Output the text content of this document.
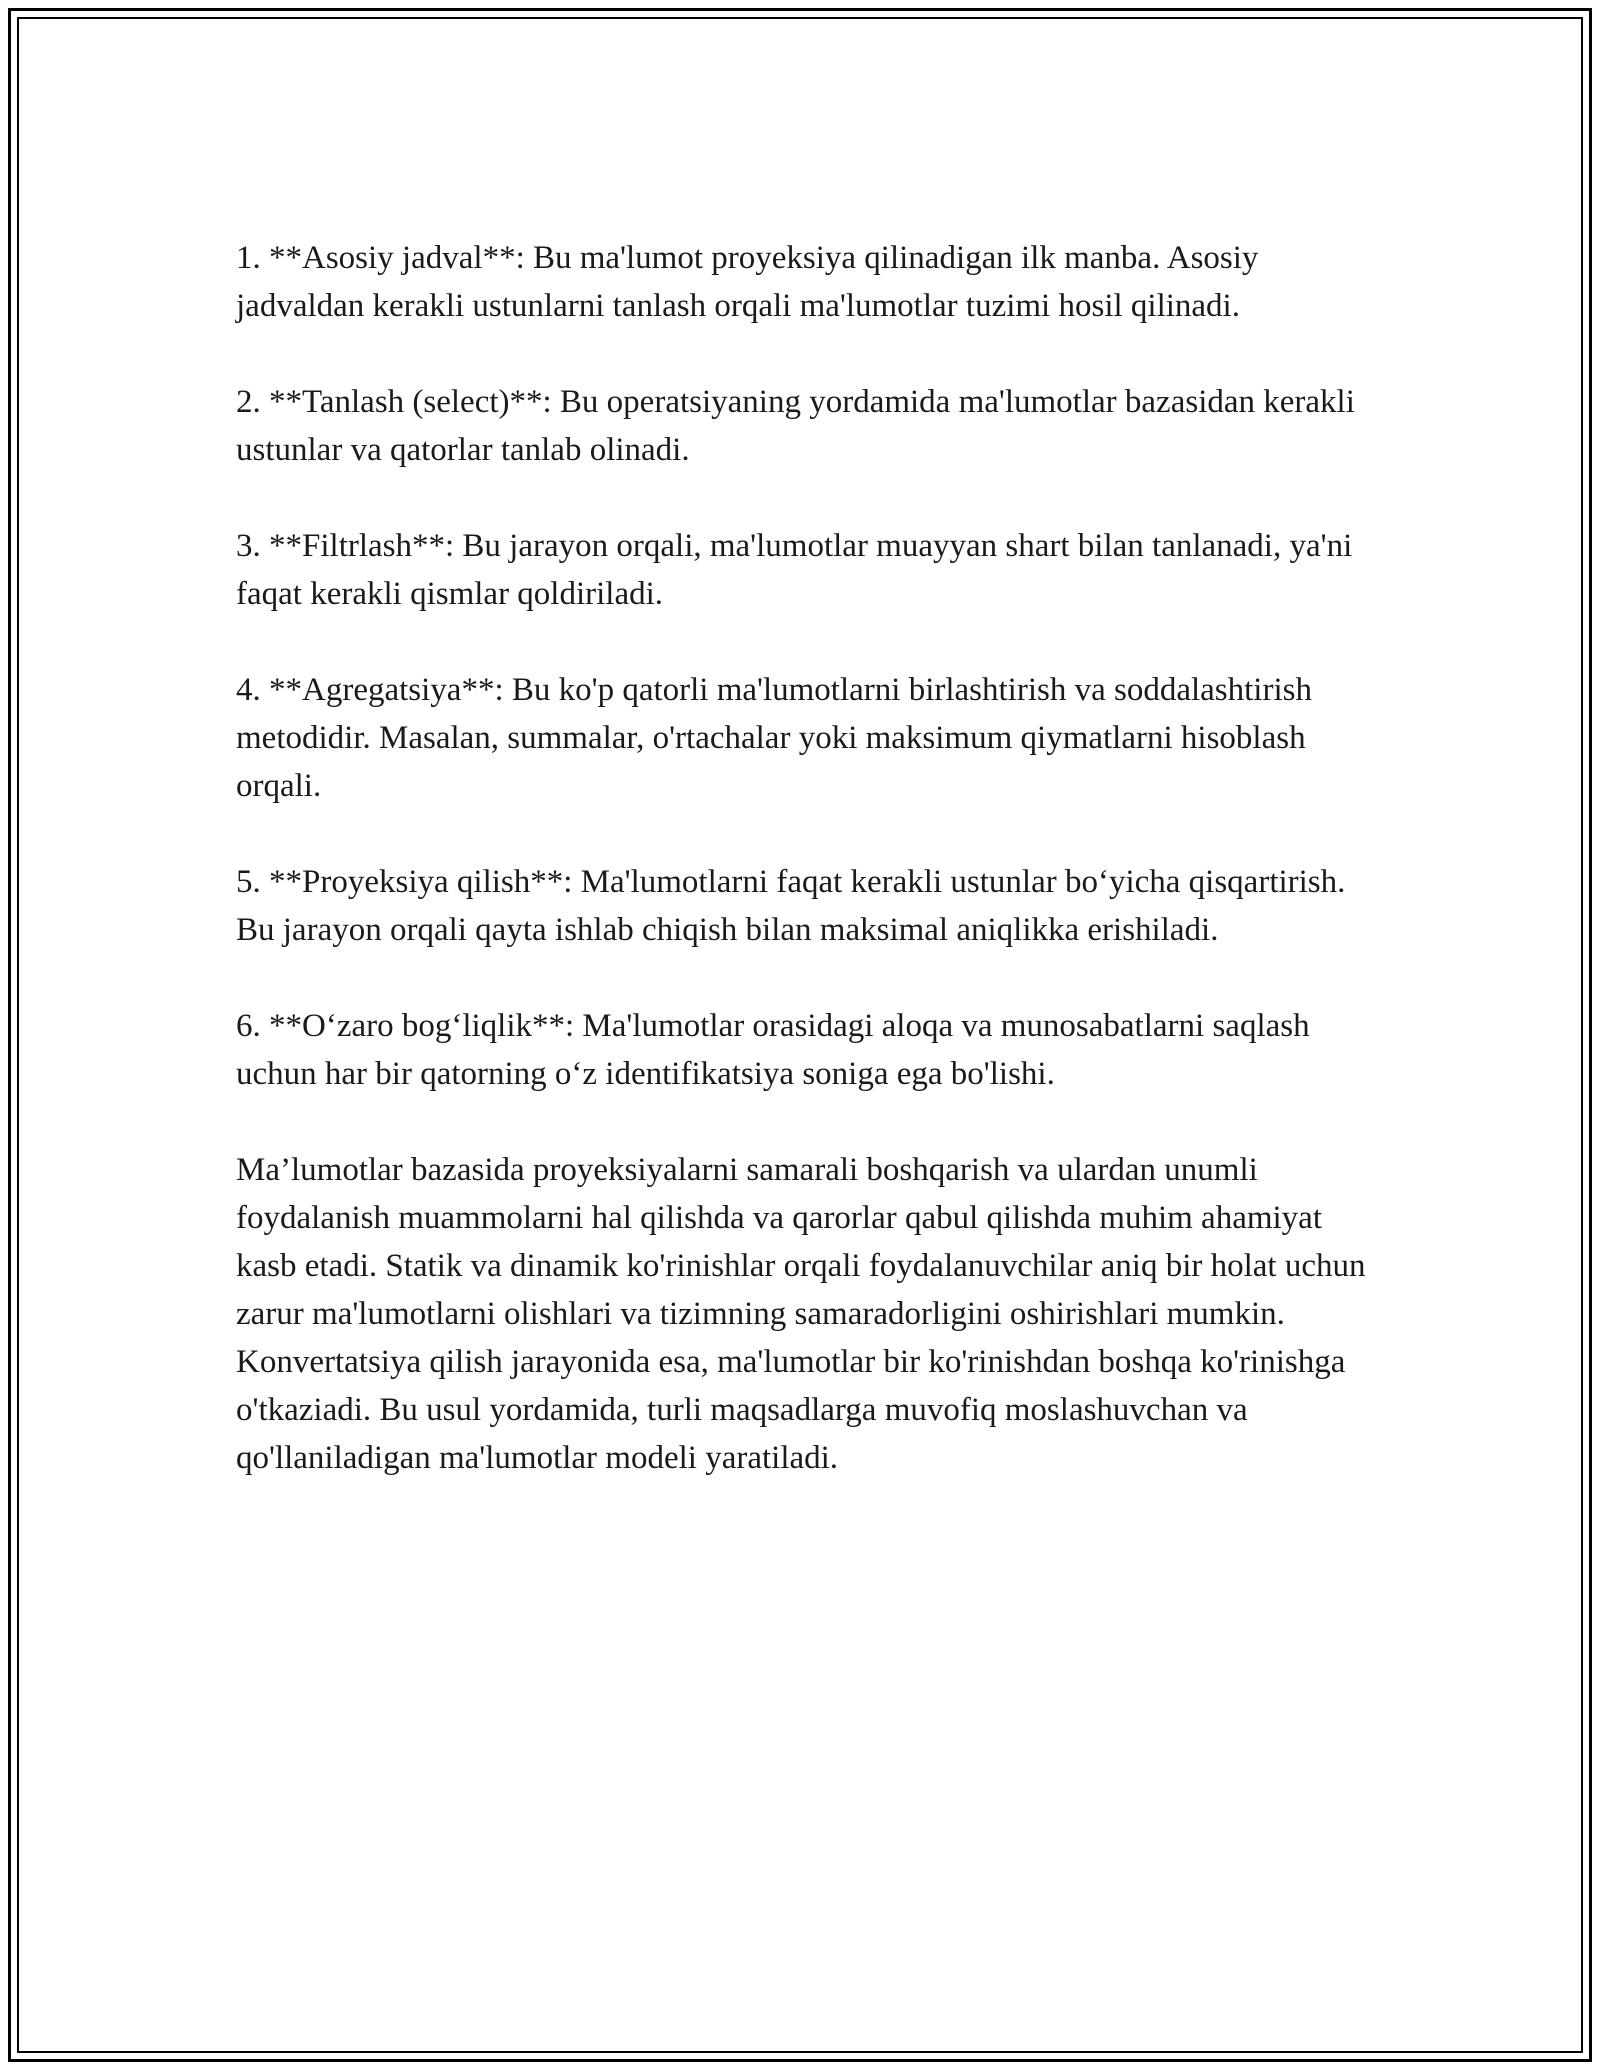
1. **Asosiy jadval**: Bu ma'lumot proyeksiya qilinadigan ilk manba. Asosiy jadvaldan kerakli ustunlarni tanlash orqali ma'lumotlar tuzimi hosil qilinadi.

2. **Tanlash (select)**: Bu operatsiyaning yordamida ma'lumotlar bazasidan kerakli ustunlar va qatorlar tanlab olinadi.

3. **Filtrlash**: Bu jarayon orqali, ma'lumotlar muayyan shart bilan tanlanadi, ya'ni faqat kerakli qismlar qoldiriladi.

4. **Agregatsiya**: Bu ko'p qatorli ma'lumotlarni birlashtirish va soddalashtirish metodidir. Masalan, summalar, o'rtachalar yoki maksimum qiymatlarni hisoblash orqali.

5. **Proyeksiya qilish**: Ma'lumotlarni faqat kerakli ustunlar bo‘yicha qisqartirish. Bu jarayon orqali qayta ishlab chiqish bilan maksimal aniqlikka erishiladi.

6. **O‘zaro bog‘liqlik**: Ma'lumotlar orasidagi aloqa va munosabatlarni saqlash uchun har bir qatorning o‘z identifikatsiya soniga ega bo'lishi.

Ma’lumotlar bazasida proyeksiyalarni samarali boshqarish va ulardan unumli foydalanish muammolarni hal qilishda va qarorlar qabul qilishda muhim ahamiyat kasb etadi. Statik va dinamik ko'rinishlar orqali foydalanuvchilar aniq bir holat uchun zarur ma'lumotlarni olishlari va tizimning samaradorligini oshirishlari mumkin. Konvertatsiya qilish jarayonida esa, ma'lumotlar bir ko'rinishdan boshqa ko'rinishga o'tkaziadi. Bu usul yordamida, turli maqsadlarga muvofiq moslashuvchan va qo'llaniladigan ma'lumotlar modeli yaratiladi.
